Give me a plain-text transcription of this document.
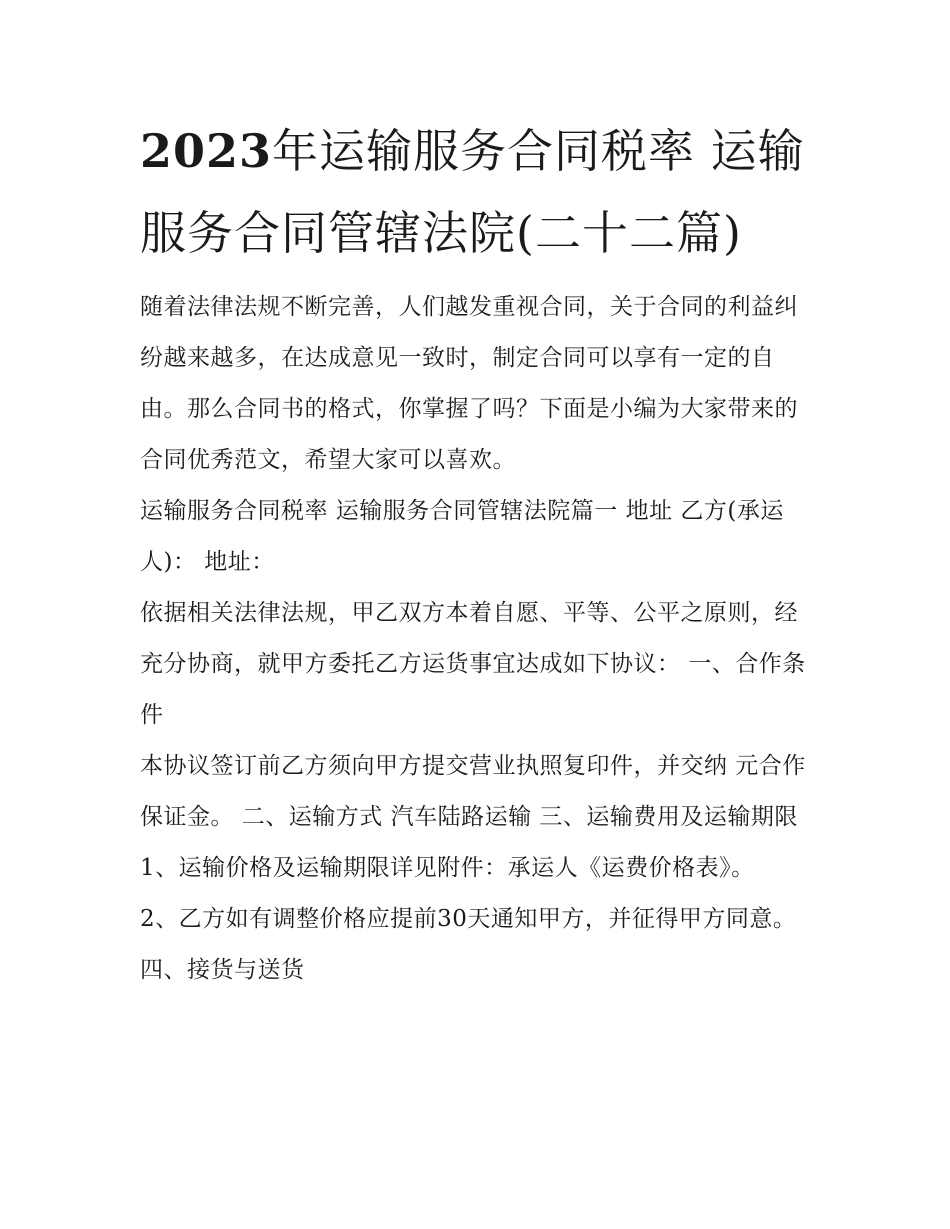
2023年运输服务合同税率 运输服务合同管辖法院(二十二篇)

随着法律法规不断完善，人们越发重视合同，关于合同的利益纠纷越来越多，在达成意见一致时，制定合同可以享有一定的自由。那么合同书的格式，你掌握了吗？下面是小编为大家带来的合同优秀范文，希望大家可以喜欢。

运输服务合同税率 运输服务合同管辖法院篇一 地址 乙方(承运人)： 地址：

依据相关法律法规，甲乙双方本着自愿、平等、公平之原则，经充分协商，就甲方委托乙方运货事宜达成如下协议： 一、合作条件

本协议签订前乙方须向甲方提交营业执照复印件，并交纳 元合作保证金。 二、运输方式 汽车陆路运输 三、运输费用及运输期限

1、运输价格及运输期限详见附件：承运人《运费价格表》。

2、乙方如有调整价格应提前30天通知甲方，并征得甲方同意。 四、接货与送货
